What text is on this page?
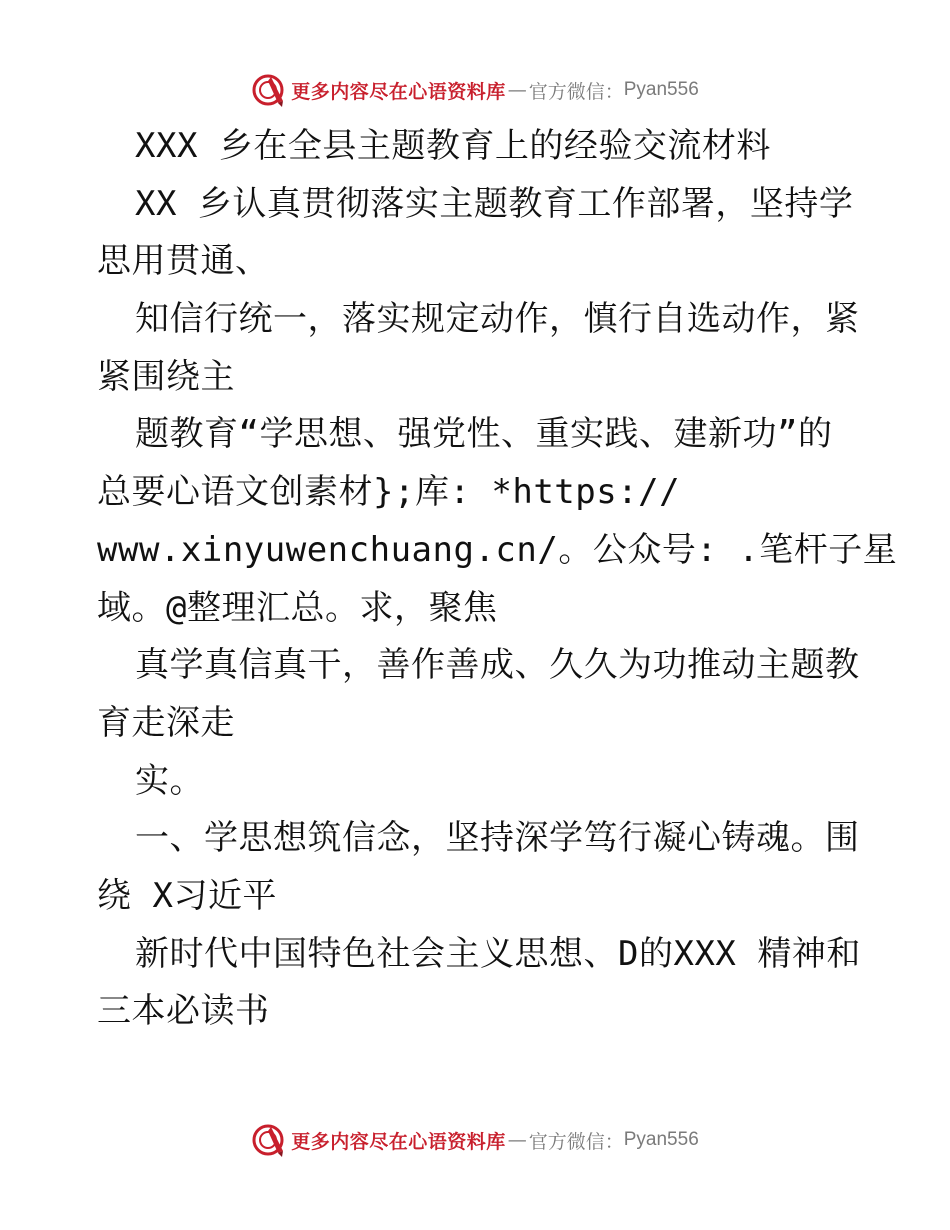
更多内容尽在心语资料库 — 官方微信： Pyan556
XXX 乡在全县主题教育上的经验交流材料
XX 乡认真贯彻落实主题教育工作部署，坚持学
思用贯通、
知信行统一，落实规定动作，慎行自选动作，紧
紧围绕主
题教育“学思想、强党性、重实践、建新功”的
总要心语文创素材};库: *https://
www.xinyuwenchuang.cn/。公众号: .笔杆子星
域。@整理汇总。求，聚焦
真学真信真干，善作善成、久久为功推动主题教
育走深走
实。
一、学思想筑信念，坚持深学笃行凝心铸魂。围
绕 X习近平
新时代中国特色社会主义思想、D的XXX 精神和
三本必读书
更多内容尽在心语资料库 — 官方微信： Pyan556
